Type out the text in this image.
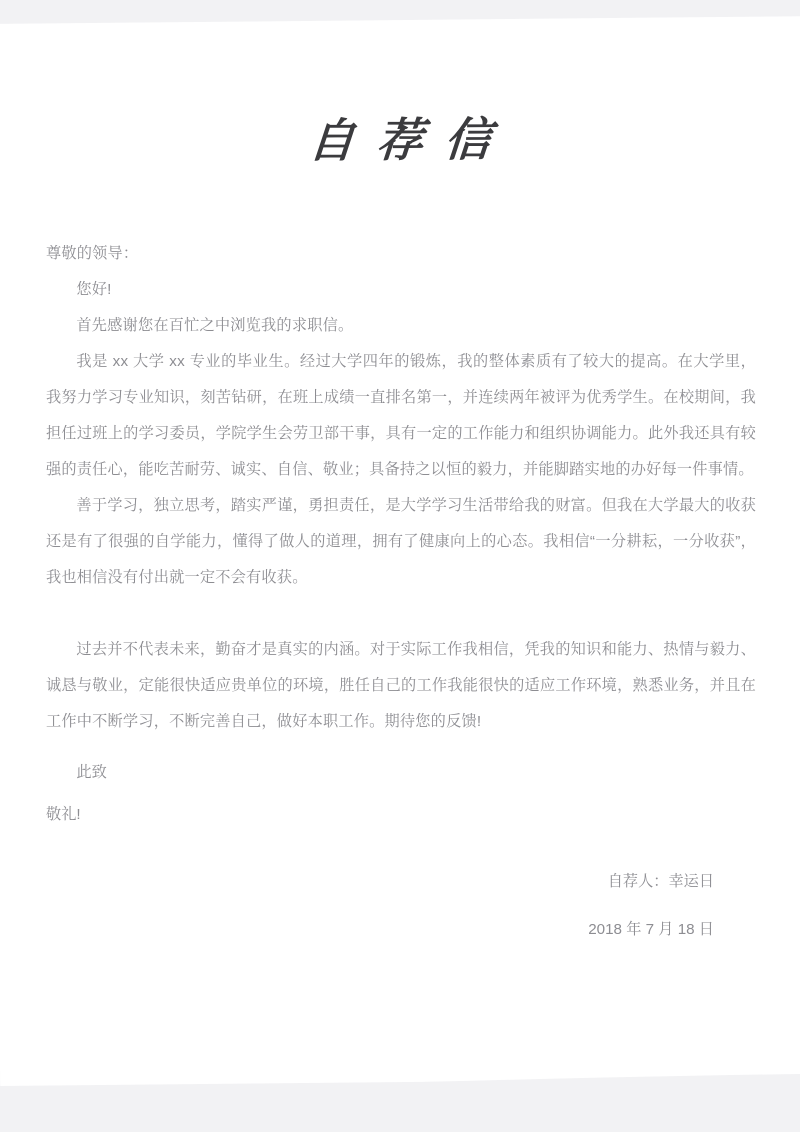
自荐信

尊敬的领导：

您好!

首先感谢您在百忙之中浏览我的求职信。

我是 xx 大学 xx 专业的毕业生。经过大学四年的锻炼，我的整体素质有了较大的提高。在大学里，我努力学习专业知识，刻苦钻研，在班上成绩一直排名第一，并连续两年被评为优秀学生。在校期间，我担任过班上的学习委员，学院学生会劳卫部干事，具有一定的工作能力和组织协调能力。此外我还具有较强的责任心，能吃苦耐劳、诚实、自信、敬业；具备持之以恒的毅力，并能脚踏实地的办好每一件事情。

善于学习，独立思考，踏实严谨，勇担责任，是大学学习生活带给我的财富。但我在大学最大的收获还是有了很强的自学能力，懂得了做人的道理，拥有了健康向上的心态。我相信“一分耕耘，一分收获”，我也相信没有付出就一定不会有收获。

过去并不代表未来，勤奋才是真实的内涵。对于实际工作我相信，凭我的知识和能力、热情与毅力、诚恳与敬业，定能很快适应贵单位的环境，胜任自己的工作我能很快的适应工作环境，熟悉业务，并且在工作中不断学习，不断完善自己，做好本职工作。期待您的反馈!

此致
敬礼!
自荐人：幸运日
2018 年 7 月 18 日
